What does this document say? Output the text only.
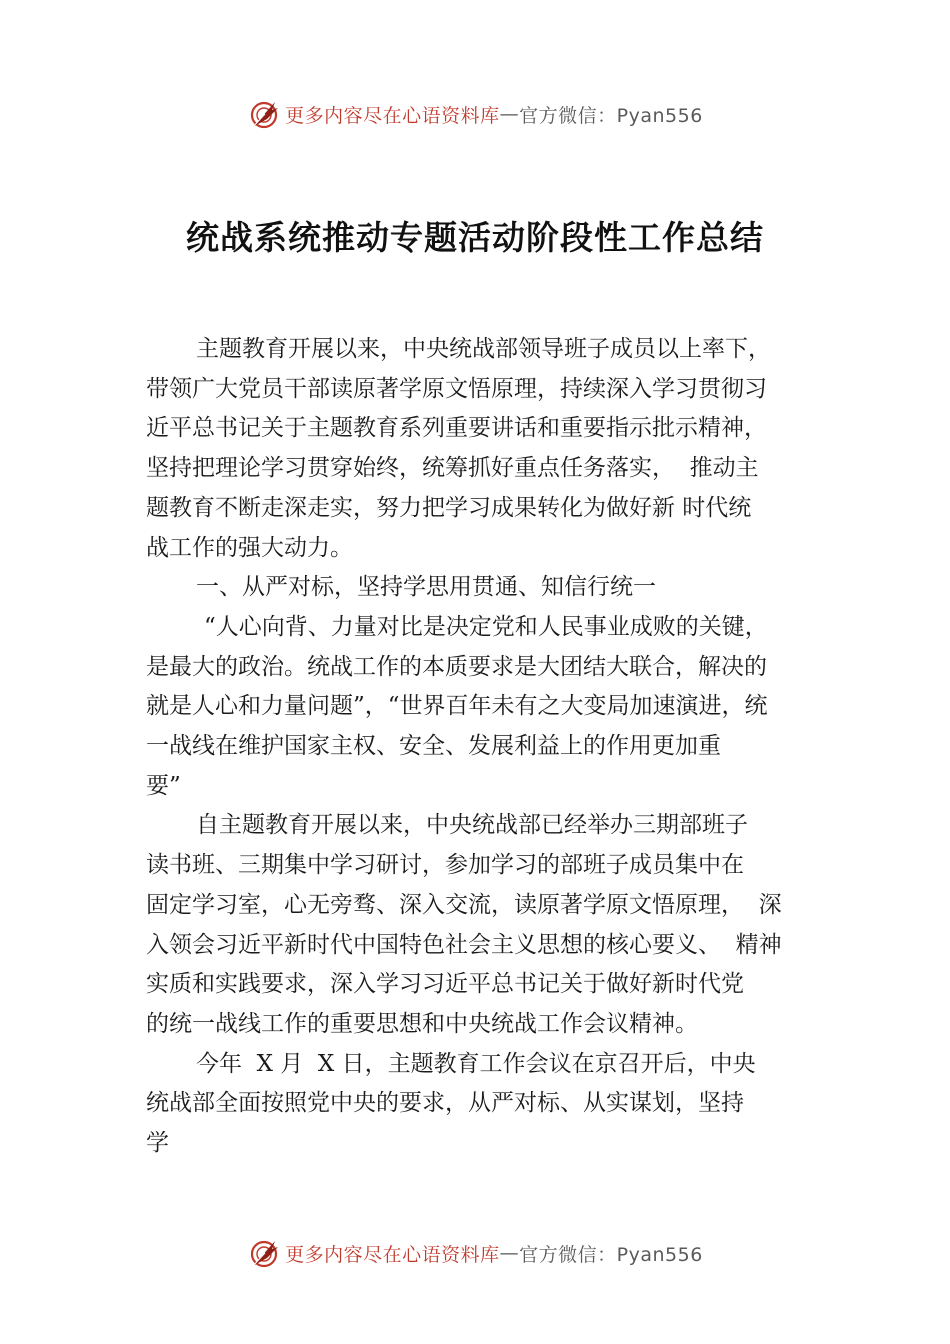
更多内容尽在心语资料库 — 官方微信：Pyan556
统战系统推动专题活动阶段性工作总结

主题教育开展以来，中央统战部领导班子成员以上率下，

带领广大党员干部读原著学原文悟原理，持续深入学习贯彻习

近平总书记关于主题教育系列重要讲话和重要指示批示精神，

坚持把理论学习贯穿始终，统筹抓好重点任务落实，  推动主

题教育不断走深走实，努力把学习成果转化为做好新 时代统

战工作的强大动力。

一、从严对标，坚持学思用贯通、知信行统一

“人心向背、力量对比是决定党和人民事业成败的关键，

是最大的政治。统战工作的本质要求是大团结大联合，解决的

就是人心和力量问题”，“世界百年未有之大变局加速演进，统

一战线在维护国家主权、安全、发展利益上的作用更加重

要”

自主题教育开展以来，中央统战部已经举办三期部班子

读书班、三期集中学习研讨，参加学习的部班子成员集中在

固定学习室，心无旁骛、深入交流，读原著学原文悟原理，  深

入领会习近平新时代中国特色社会主义思想的核心要义、  精神

实质和实践要求，深入学习习近平总书记关于做好新时代党

的统一战线工作的重要思想和中央统战工作会议精神。

今年  X 月  X 日，主题教育工作会议在京召开后，中央

统战部全面按照党中央的要求，从严对标、从实谋划，坚持

学

更多内容尽在心语资料库 — 官方微信：Pyan556
